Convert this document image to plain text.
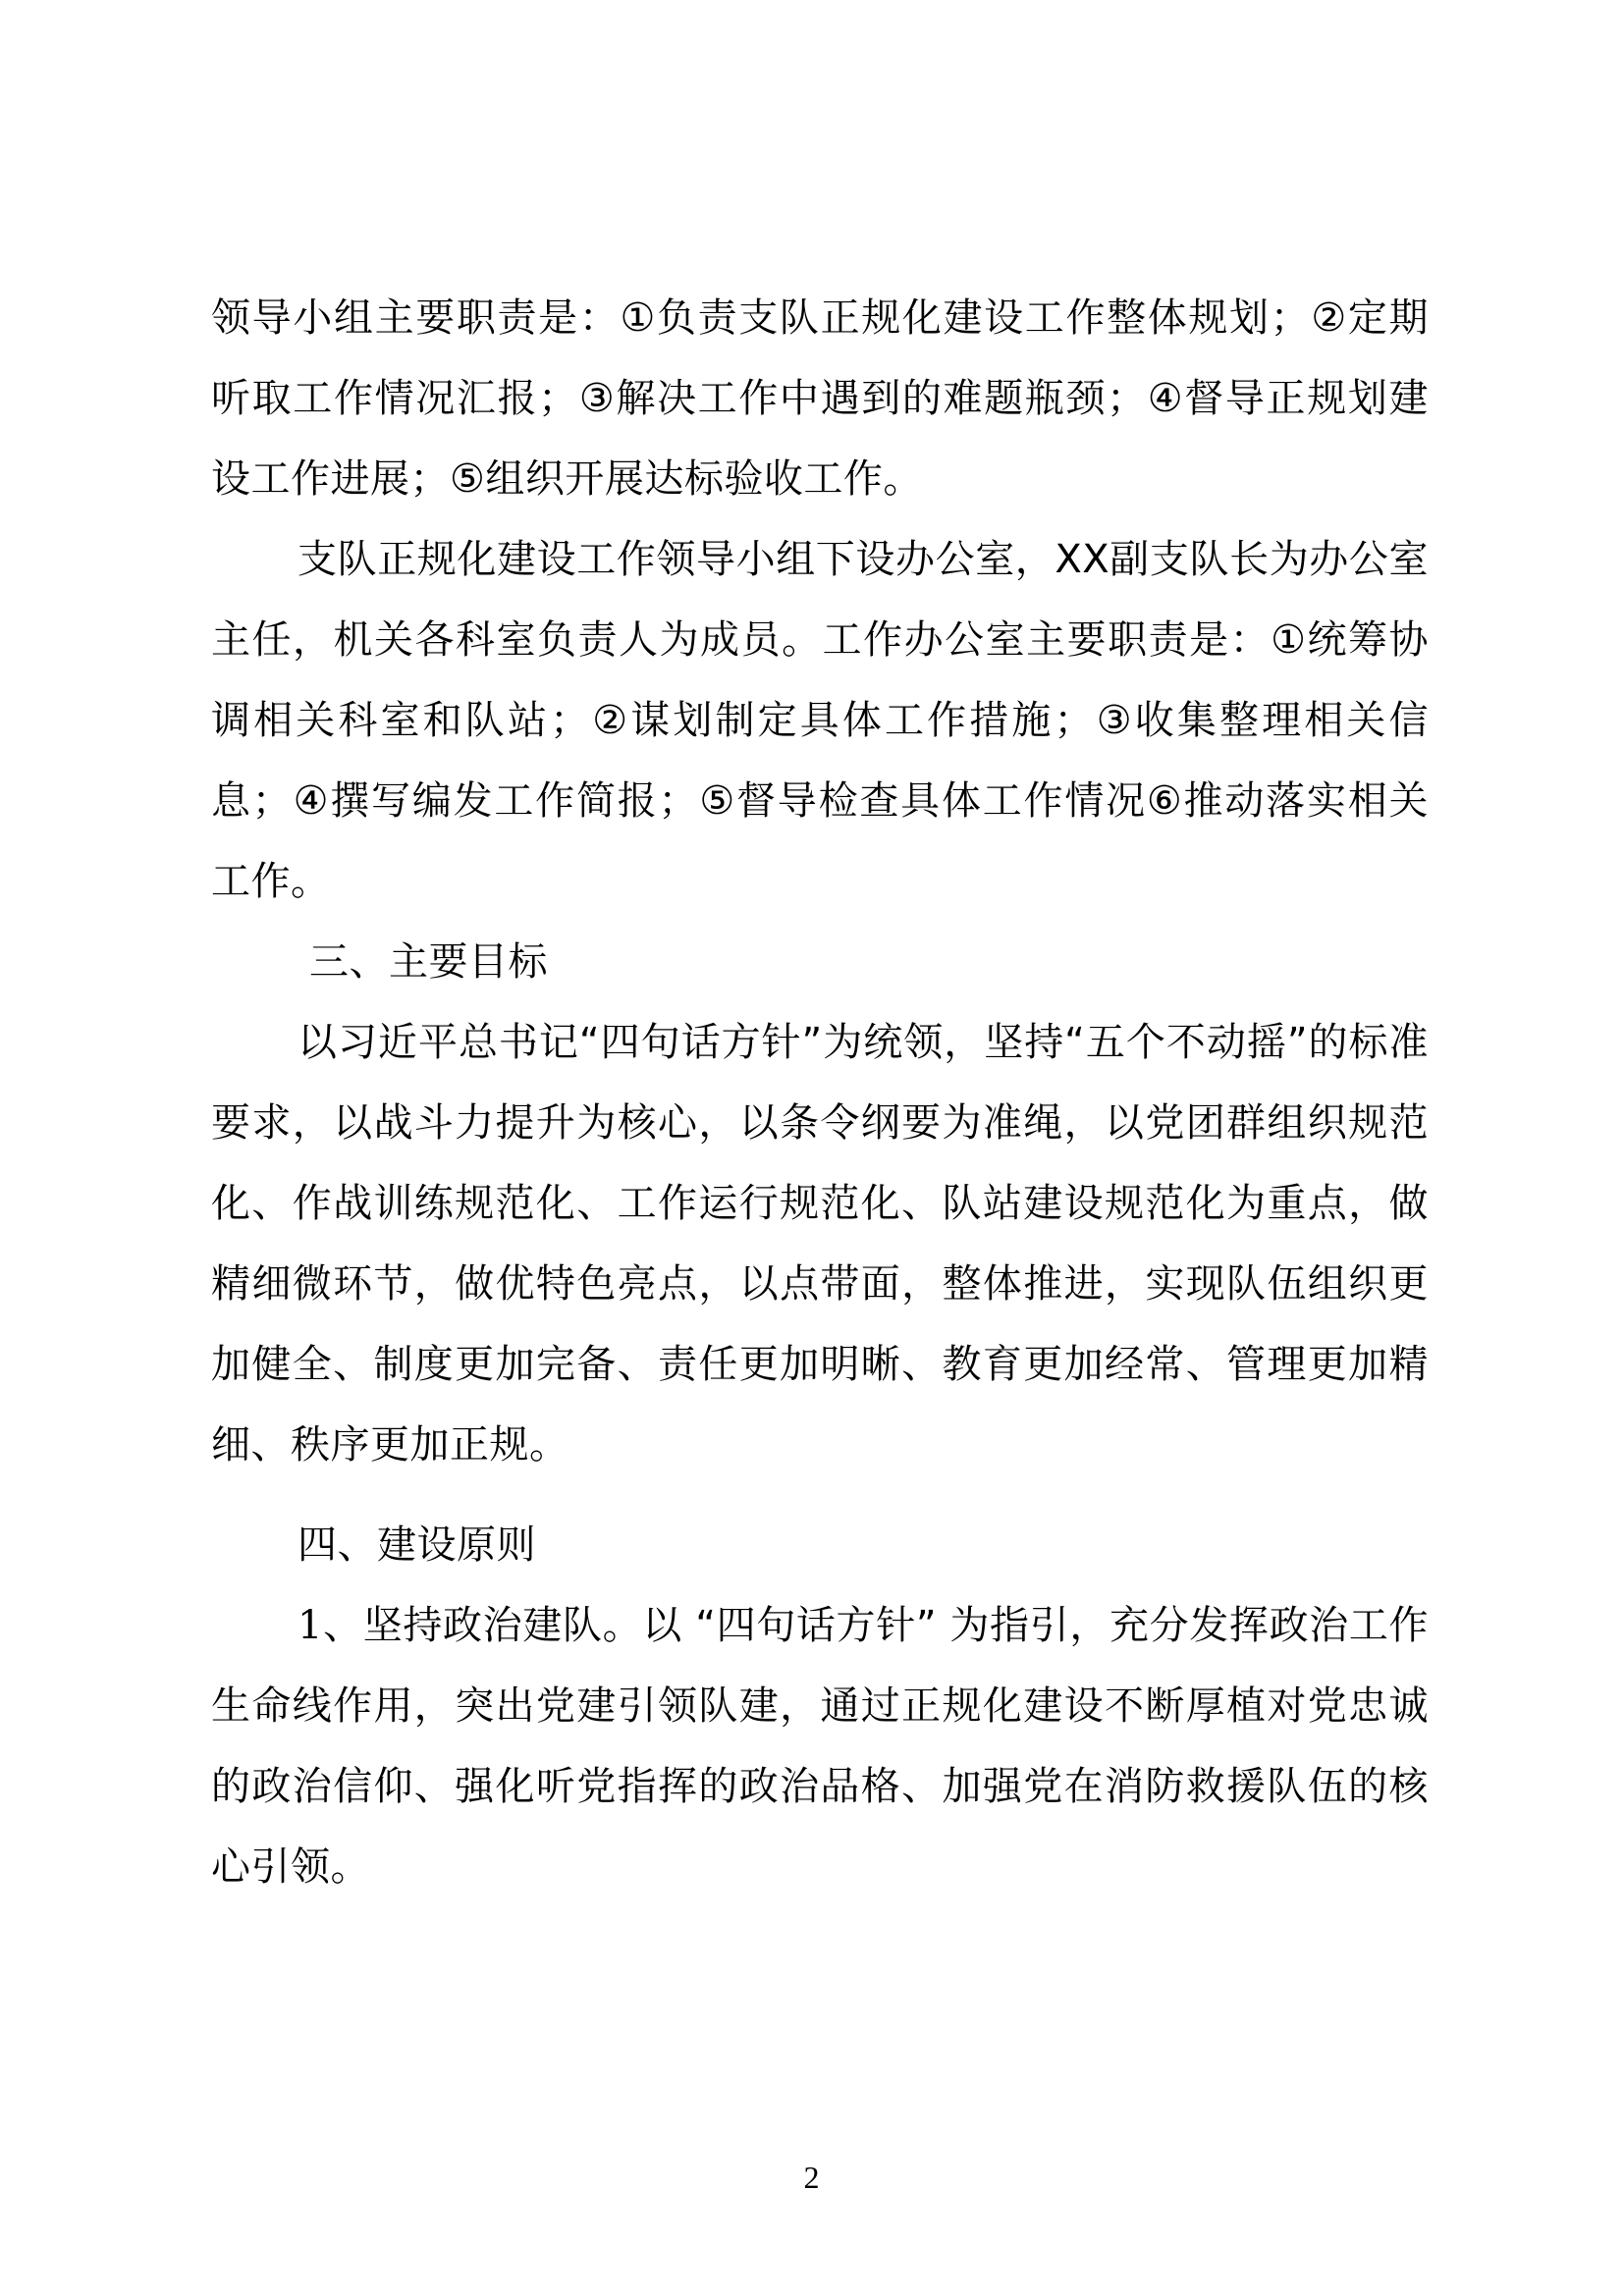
领导小组主要职责是：①负责支队正规化建设工作整体规划；②定期听取工作情况汇报；③解决工作中遇到的难题瓶颈；④督导正规划建设工作进展；⑤组织开展达标验收工作。

支队正规化建设工作领导小组下设办公室，XX副支队长为办公室主任，机关各科室负责人为成员。工作办公室主要职责是：①统筹协调相关科室和队站；②谋划制定具体工作措施；③收集整理相关信息；④撰写编发工作简报；⑤督导检查具体工作情况⑥推动落实相关工作。

三、主要目标

以习近平总书记“四句话方针”为统领，坚持“五个不动摇”的标准要求，以战斗力提升为核心，以条令纲要为准绳，以党团群组织规范化、作战训练规范化、工作运行规范化、队站建设规范化为重点，做精细微环节，做优特色亮点，以点带面，整体推进，实现队伍组织更加健全、制度更加完备、责任更加明晰、教育更加经常、管理更加精细、秩序更加正规。

四、建设原则

1、坚持政治建队。以 “四句话方针” 为指引，充分发挥政治工作生命线作用，突出党建引领队建，通过正规化建设不断厚植对党忠诚的政治信仰、强化听党指挥的政治品格、加强党在消防救援队伍的核心引领。

2
